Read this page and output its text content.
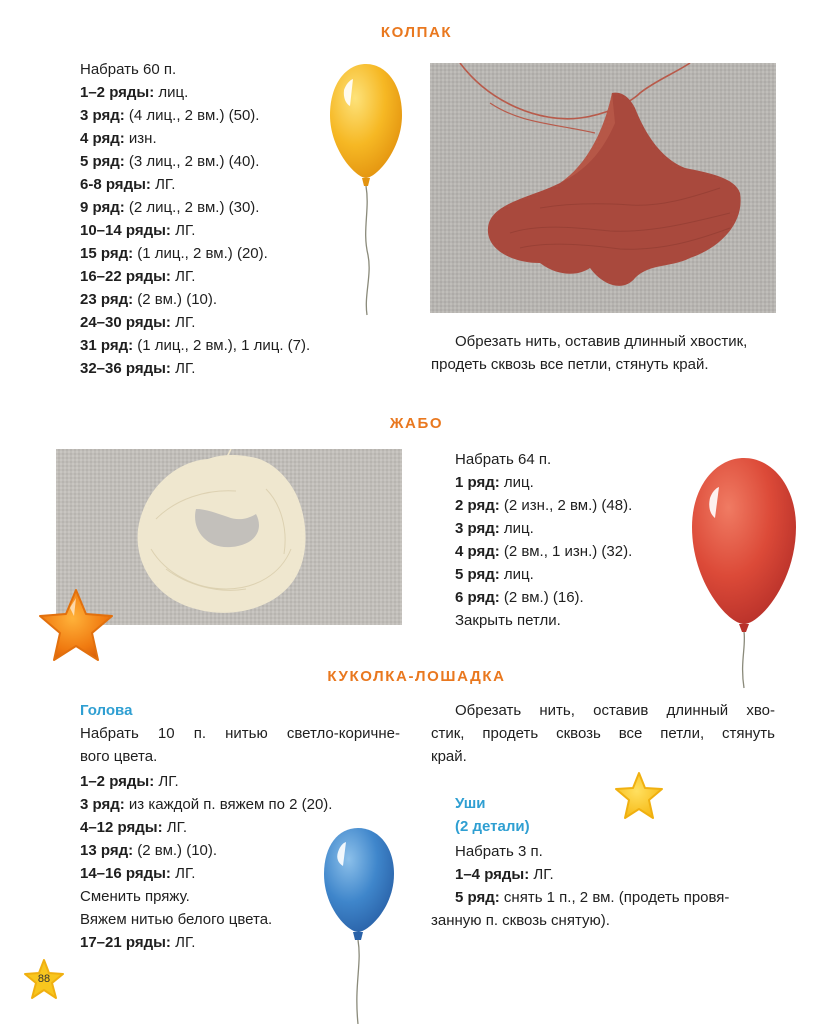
КОЛПАК
Набрать 60 п.
1–2 ряды: лиц.
3 ряд: (4 лиц., 2 вм.) (50).
4 ряд: изн.
5 ряд: (3 лиц., 2 вм.) (40).
6-8 ряды: ЛГ.
9 ряд: (2 лиц., 2 вм.) (30).
10–14 ряды: ЛГ.
15 ряд: (1 лиц., 2 вм.) (20).
16–22 ряды: ЛГ.
23 ряд: (2 вм.) (10).
24–30 ряды: ЛГ.
31 ряд: (1 лиц., 2 вм.), 1 лиц. (7).
32–36 ряды: ЛГ.
Обрезать нить, оставив длинный хвостик,
продеть сквозь все петли, стянуть край.
ЖАБО
Набрать 64 п.
1 ряд: лиц.
2 ряд: (2 изн., 2 вм.) (48).
3 ряд: лиц.
4 ряд: (2 вм., 1 изн.) (32).
5 ряд: лиц.
6 ряд: (2 вм.) (16).
Закрыть петли.
КУКОЛКА-ЛОШАДКА
Голова
Набрать 10 п. нитью светло-коричне-
вого цвета.
1–2 ряды: ЛГ.
3 ряд: из каждой п. вяжем по 2 (20).
4–12 ряды: ЛГ.
13 ряд: (2 вм.) (10).
14–16 ряды: ЛГ.
Сменить пряжу.
Вяжем нитью белого цвета.
17–21 ряды: ЛГ.
Обрезать нить, оставив длинный хво-
стик, продеть сквозь все петли, стянуть
край.
Уши
(2 детали)
Набрать 3 п.
1–4 ряды: ЛГ.
5 ряд: снять 1 п., 2 вм. (продеть провя-
занную п. сквозь снятую).
88
